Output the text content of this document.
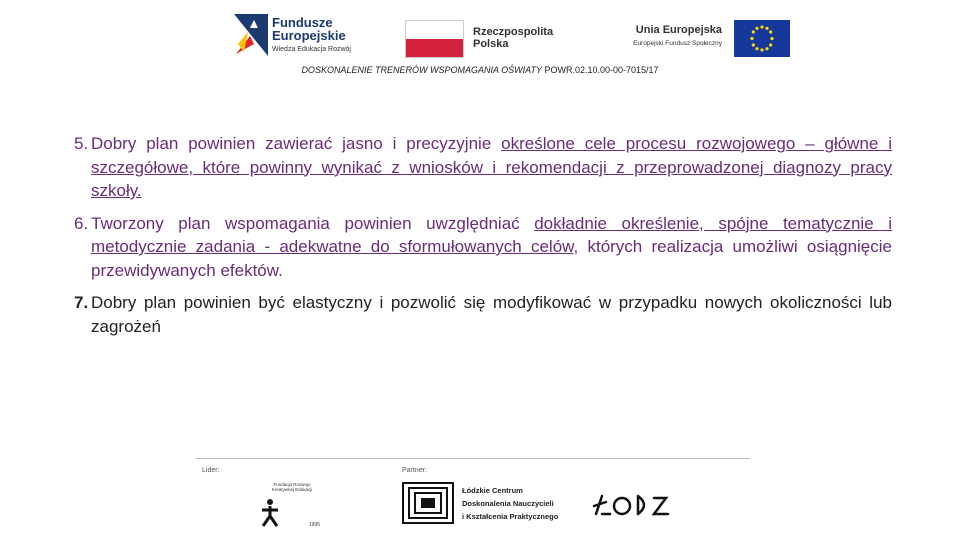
Fundusze
Europejskie
Wiedza Edukacja Rozwój
Rzeczpospolita
Polska
Unia Europejska
Europejski Fundusz Społeczny
DOSKONALENIE TRENERÓW WSPOMAGANIA OŚWIATY POWR.02.10.00-00-7015/17
5. Dobry plan powinien zawierać jasno i precyzyjnie określone cele procesu rozwojowego – główne i szczegółowe, które powinny wynikać z wniosków i rekomendacji z przeprowadzonej diagnozy pracy szkoły.
6. Tworzony plan wspomagania powinien uwzględniać dokładnie określenie, spójne tematycznie i metodycznie zadania - adekwatne do sformułowanych celów, których realizacja umożliwi osiągnięcie przewidywanych efektów.
7. Dobry plan powinien być elastyczny i pozwolić się modyfikować w przypadku nowych okoliczności lub zagrożeń
Lider:	Partner:
Fundacja Rozwoju Kreatywnej Edukacji
1995
Łódzkie Centrum
Doskonalenia Nauczycieli
i Kształcenia Praktycznego
